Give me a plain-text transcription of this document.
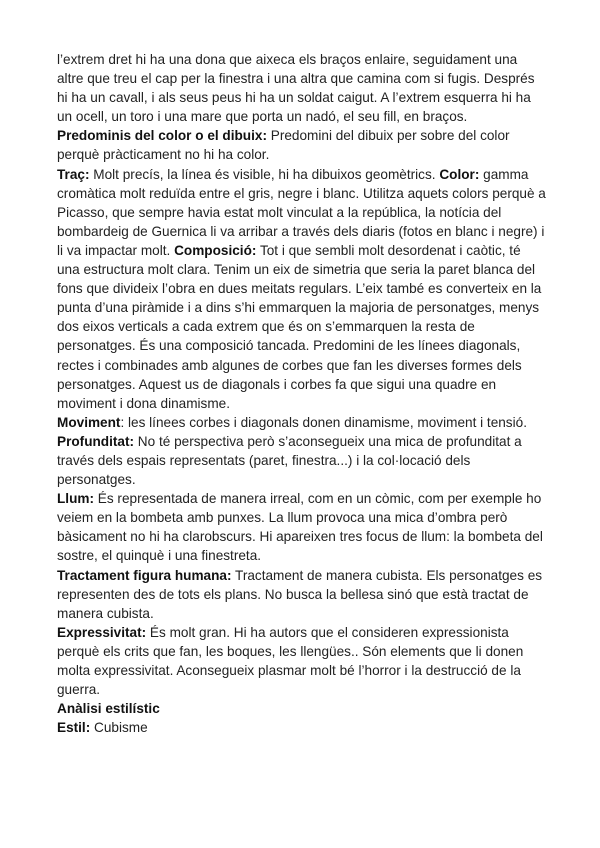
l’extrem dret hi ha una dona que aixeca els braços enlaire, seguidament una altre que treu el cap per la finestra i una altra que camina com si fugis. Després hi ha un cavall, i als seus peus hi ha un soldat caigut. A l’extrem esquerra hi ha un ocell, un toro i una mare que porta un nadó, el seu fill, en braços.

Predominis del color o el dibuix: Predomini del dibuix per sobre del color perquè pràcticament no hi ha color.

Traç: Molt precís, la línea és visible, hi ha dibuixos geomètrics. Color: gamma cromàtica molt reduïda entre el gris, negre i blanc. Utilitza aquets colors perquè a Picasso, que sempre havia estat molt vinculat a la república, la notícia del bombardeig de Guernica li va arribar a través dels diaris (fotos en blanc i negre) i li va impactar molt. Composició: Tot i que sembli molt desordenat i caòtic, té una estructura molt clara. Tenim un eix de simetria que seria la paret blanca del fons que divideix l’obra en dues meitats regulars. L’eix també es converteix en la punta d’una piràmide i a dins s’hi emmarquen la majoria de personatges, menys dos eixos verticals a cada extrem que és on s’emmarquen la resta de personatges. És una composició tancada. Predomini de les línees diagonals, rectes i combinades amb algunes de corbes que fan les diverses formes dels personatges. Aquest us de diagonals i corbes fa que sigui una quadre en moviment i dona dinamisme.

Moviment: les línees corbes i diagonals donen dinamisme, moviment i tensió.

Profunditat: No té perspectiva però s’aconsegueix una mica de profunditat a través dels espais representats (paret, finestra...) i la col·locació dels personatges.

Llum: És representada de manera irreal, com en un còmic, com per exemple ho veiem en la bombeta amb punxes. La llum provoca una mica d’ombra però bàsicament no hi ha clarobscurs. Hi apareixen tres focus de llum: la bombeta del sostre, el quinquè i una finestreta.

Tractament figura humana: Tractament de manera cubista. Els personatges es representen des de tots els plans. No busca la bellesa sinó que està tractat de manera cubista.

Expressivitat: És molt gran. Hi ha autors que el consideren expressionista perquè els crits que fan, les boques, les llengües.. Són elements que li donen molta expressivitat. Aconsegueix plasmar molt bé l’horror i la destrucció de la guerra.

Anàlisi estilístic

Estil: Cubisme
